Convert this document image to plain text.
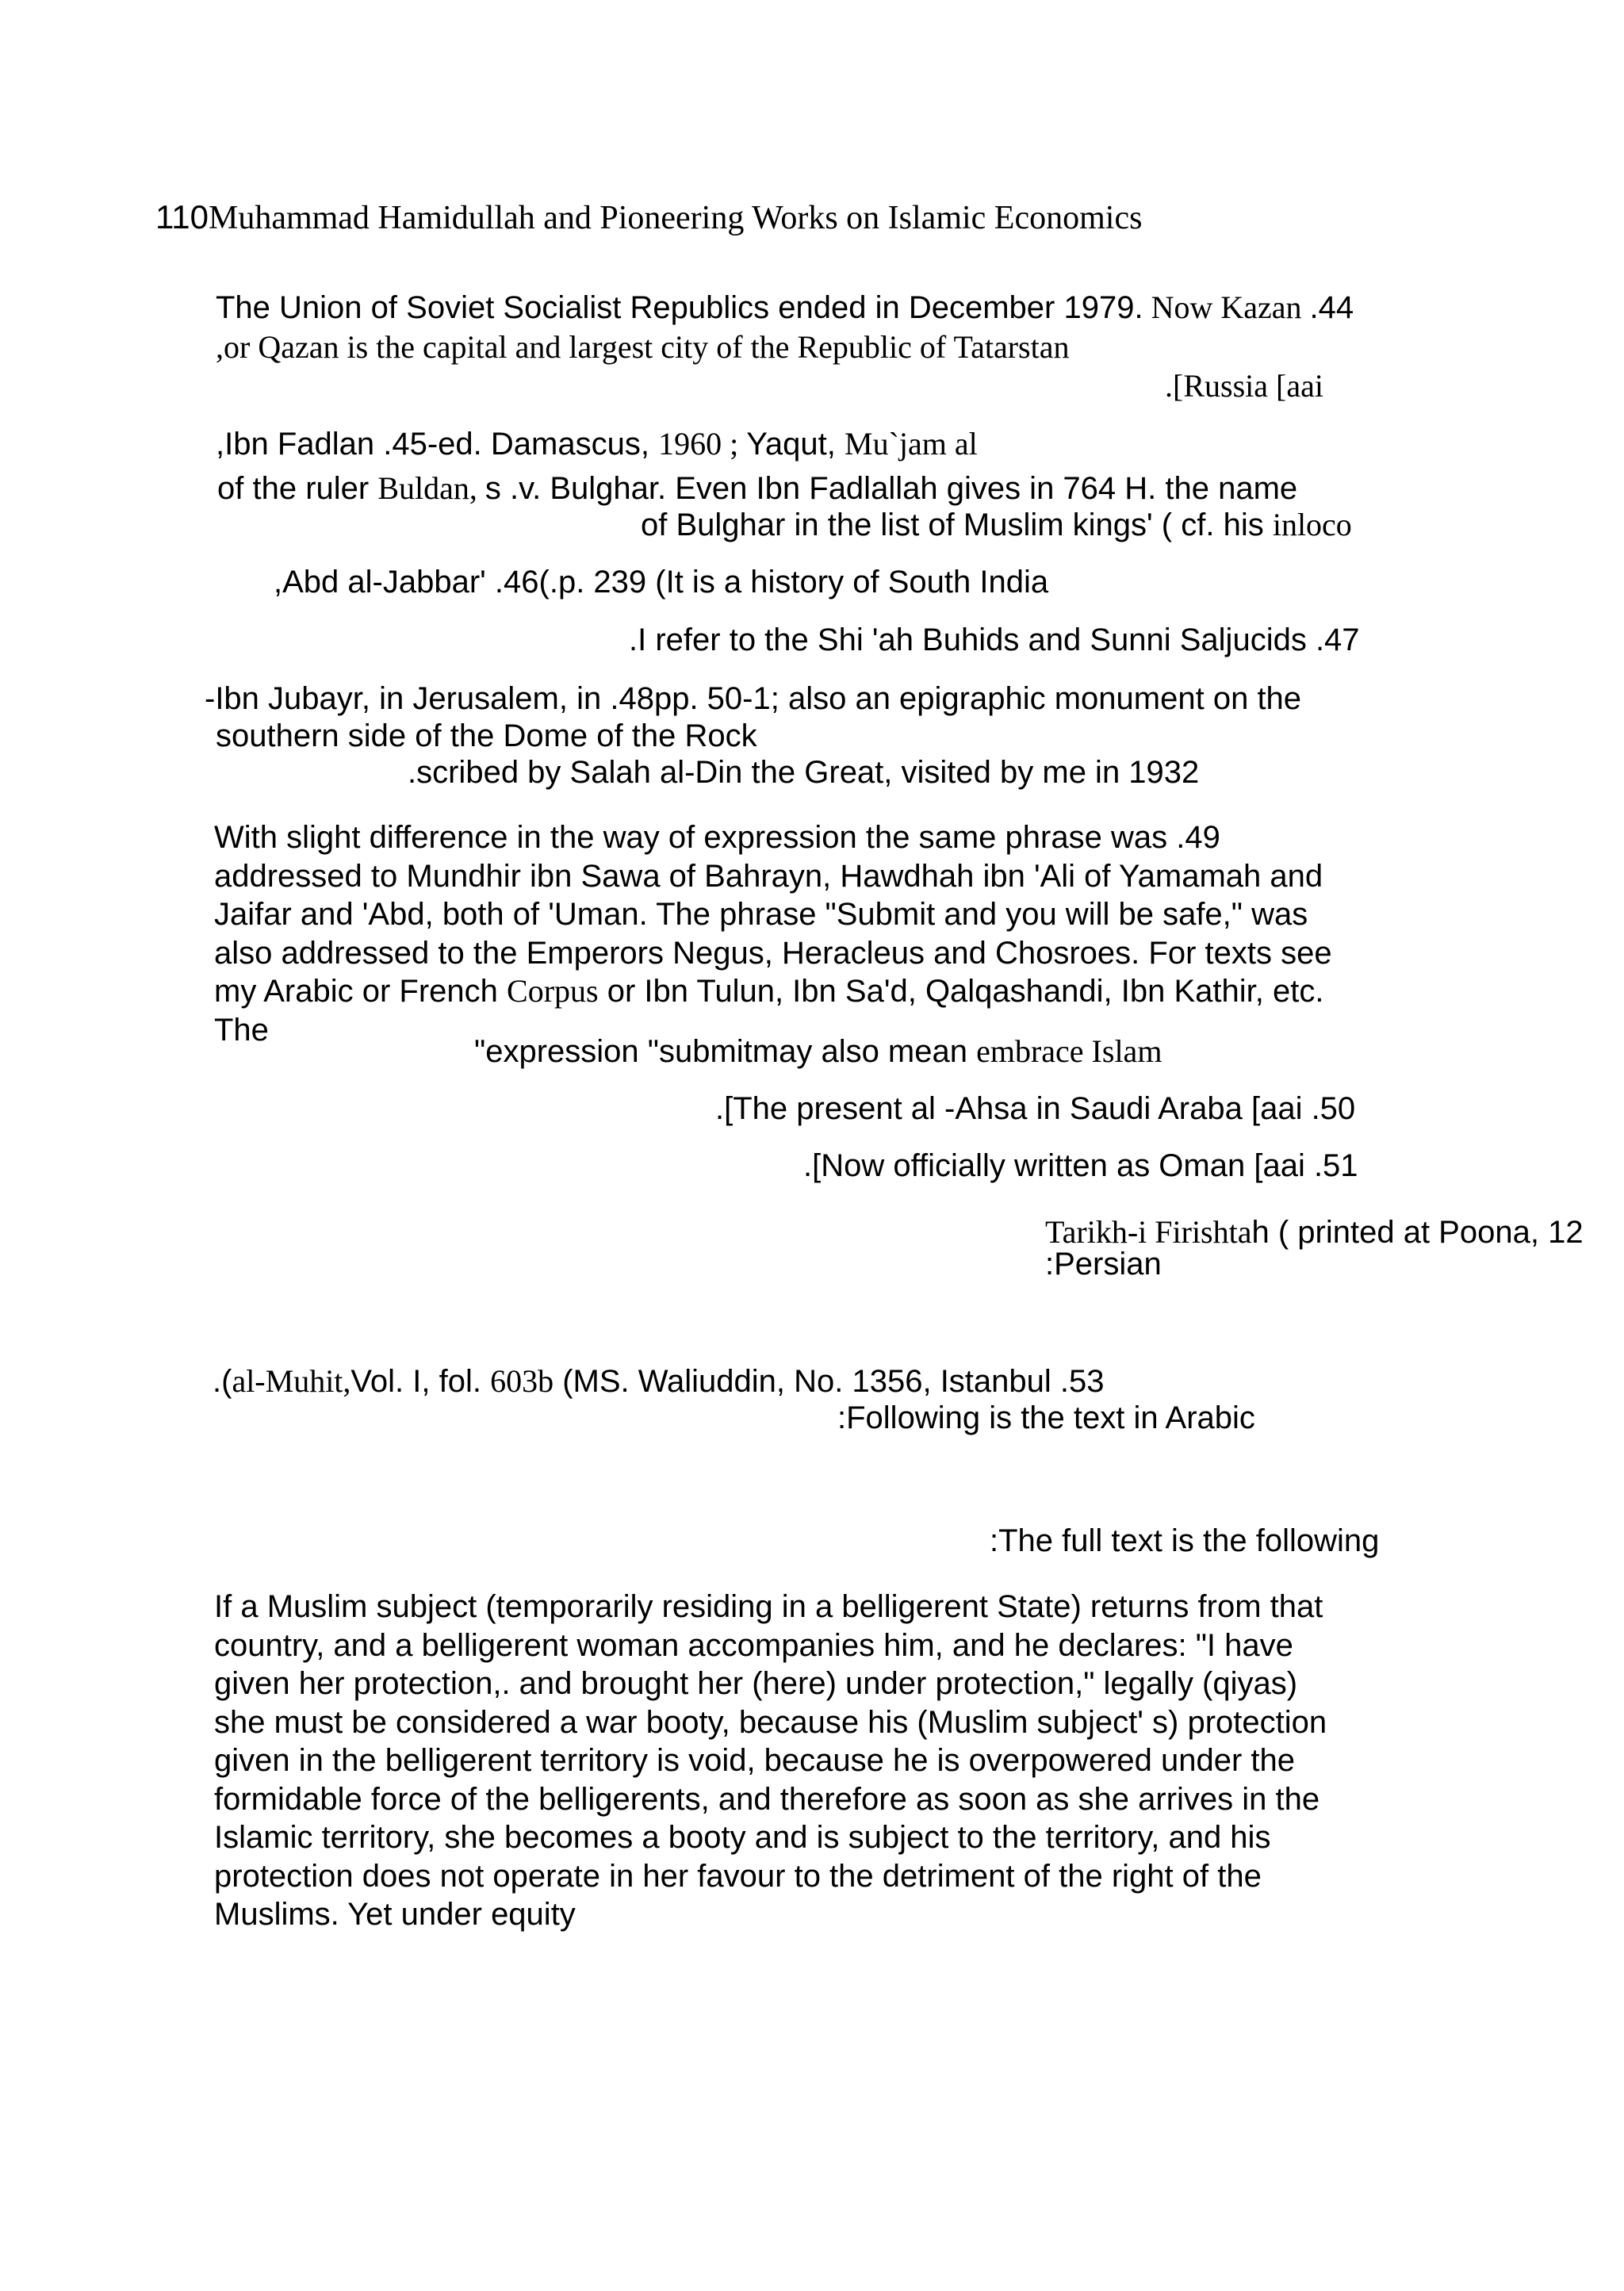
110Muhammad Hamidullah and Pioneering Works on Islamic Economics
The Union of Soviet Socialist Republics ended in December 1979. Now Kazan .44
,or Qazan is the capital and largest city of the Republic of Tatarstan
.[Russia [aai
,Ibn Fadlan .45-ed. Damascus, 1960 ; Yaqut, Mu`jam al
of the ruler Buldan, s .v. Bulghar. Even Ibn Fadlallah gives in 764 H. the name
of Bulghar in the list of Muslim kings' ( cf. his inloco
,Abd al-Jabbar' .46(.p. 239 (It is a history of South India
.I refer to the Shi 'ah Buhids and Sunni Saljucids .47
-Ibn Jubayr, in Jerusalem, in .48pp. 50-1; also an epigraphic monument on the
southern side of the Dome of the Rock
.scribed by Salah al-Din the Great, visited by me in 1932
With slight difference in the way of expression the same phrase was .49
addressed to Mundhir ibn Sawa of Bahrayn, Hawdhah ibn 'Ali of Yamamah and
Jaifar and 'Abd, both of 'Uman. The phrase "Submit and you will be safe," was
also addressed to the Emperors Negus, Heracleus and Chosroes. For texts see
my Arabic or French Corpus or Ibn Tulun, Ibn Sa'd, Qalqashandi, Ibn Kathir, etc.
The
"expression "submitmay also mean embrace Islam
.[The present al -Ahsa in Saudi Araba [aai .50
.[Now officially written as Oman [aai .51
Tarikh-i Firishtah ( printed at Poona, 12
:Persian
.(al-Muhit,Vol. I, fol. 603b (MS. Waliuddin, No. 1356, Istanbul .53
:Following is the text in Arabic
:The full text is the following
If a Muslim subject (temporarily residing in a belligerent State) returns from that
country, and a belligerent woman accompanies him, and he declares: "I have
given her protection,. and brought her (here) under protection," legally (qiyas)
she must be considered a war booty, because his (Muslim subject' s) protection
given in the belligerent territory is void, because he is overpowered under the
formidable force of the belligerents, and therefore as soon as she arrives in the
Islamic territory, she becomes a booty and is subject to the territory, and his
protection does not operate in her favour to the detriment of the right of the
Muslims. Yet under equity
